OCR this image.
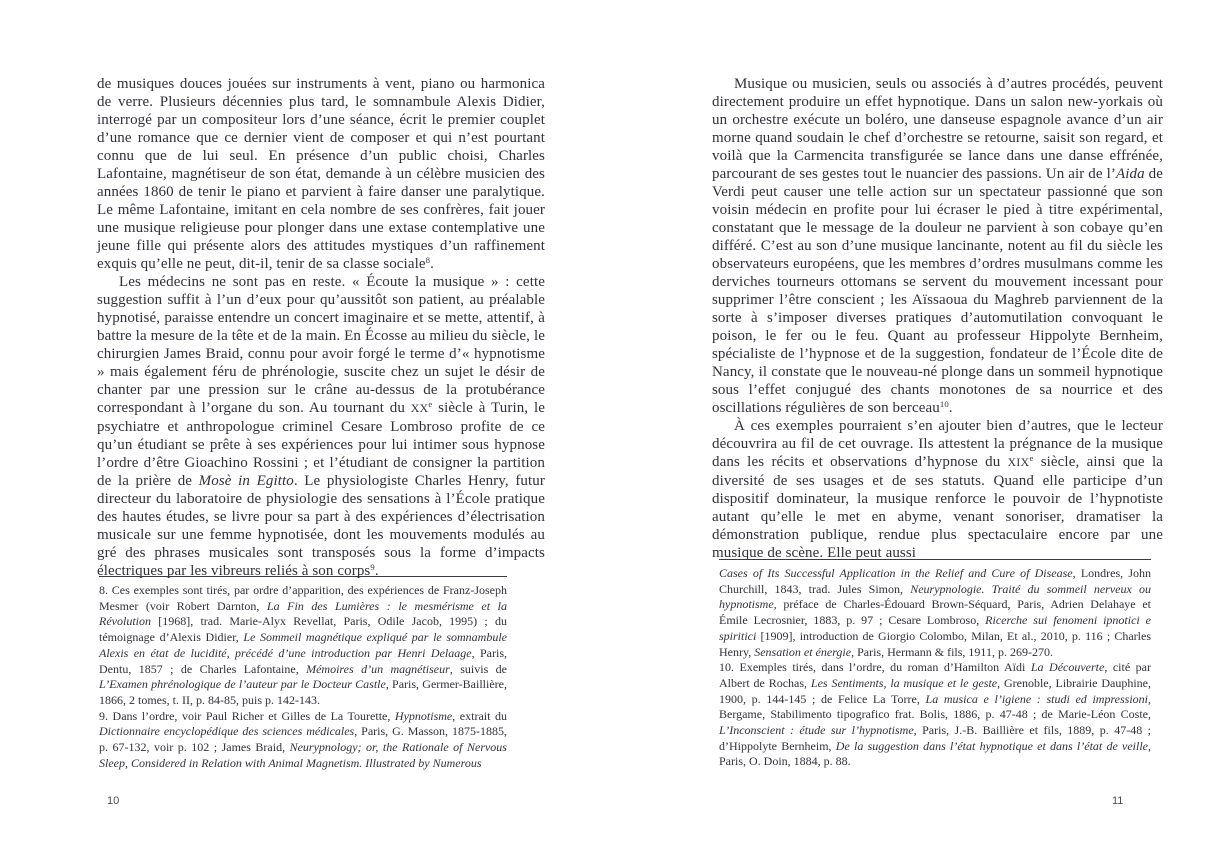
de musiques douces jouées sur instruments à vent, piano ou harmonica de verre. Plusieurs décennies plus tard, le somnambule Alexis Didier, interrogé par un compositeur lors d’une séance, écrit le premier couplet d’une romance que ce dernier vient de composer et qui n’est pourtant connu que de lui seul. En présence d’un public choisi, Charles Lafontaine, magnétiseur de son état, demande à un célèbre musicien des années 1860 de tenir le piano et parvient à faire danser une paralytique. Le même Lafontaine, imitant en cela nombre de ses confrères, fait jouer une musique religieuse pour plonger dans une extase contemplative une jeune fille qui présente alors des attitudes mystiques d’un raffinement exquis qu’elle ne peut, dit-il, tenir de sa classe sociale$^8$.

Les médecins ne sont pas en reste. « Écoute la musique » : cette suggestion suffit à l’un d’eux pour qu’aussitôt son patient, au préalable hypnotisé, paraisse entendre un concert imaginaire et se mette, attentif, à battre la mesure de la tête et de la main. En Écosse au milieu du siècle, le chirurgien James Braid, connu pour avoir forgé le terme d’« hypnotisme » mais également féru de phrénologie, suscite chez un sujet le désir de chanter par une pression sur le crâne au-dessus de la protubérance correspondant à l’organe du son. Au tournant du XXe siècle à Turin, le psychiatre et anthropologue criminel Cesare Lombroso profite de ce qu’un étudiant se prête à ses expériences pour lui intimer sous hypnose l’ordre d’être Gioachino Rossini ; et l’étudiant de consigner la partition de la prière de Mosè in Egitto. Le physiologiste Charles Henry, futur directeur du laboratoire de physiologie des sensations à l’École pratique des hautes études, se livre pour sa part à des expériences d’électrisation musicale sur une femme hypnotisée, dont les mouvements modulés au gré des phrases musicales sont transposés sous la forme d’impacts électriques par les vibreurs reliés à son corps$^9$.

8. Ces exemples sont tirés, par ordre d’apparition, des expériences de Franz-Joseph Mesmer (voir Robert Darnton, La Fin des Lumières : le mesmérisme et la Révolution [1968], trad. Marie-Alyx Revellat, Paris, Odile Jacob, 1995) ; du témoignage d’Alexis Didier, Le Sommeil magnétique expliqué par le somnambule Alexis en état de lucidité, précédé d’une introduction par Henri Delaage, Paris, Dentu, 1857 ; de Charles Lafontaine, Mémoires d’un magnétiseur, suivis de L’Examen phrénologique de l’auteur par le Docteur Castle, Paris, Germer-Baillière, 1866, 2 tomes, t. II, p. 84-85, puis p. 142-143.

9. Dans l’ordre, voir Paul Richer et Gilles de La Tourette, Hypnotisme, extrait du Dictionnaire encyclopédique des sciences médicales, Paris, G. Masson, 1875-1885, p. 67-132, voir p. 102 ; James Braid, Neurypnology; or, the Rationale of Nervous Sleep, Considered in Relation with Animal Magnetism. Illustrated by Numerous

10

Musique ou musicien, seuls ou associés à d’autres procédés, peuvent directement produire un effet hypnotique. Dans un salon new-yorkais où un orchestre exécute un boléro, une danseuse espagnole avance d’un air morne quand soudain le chef d’orchestre se retourne, saisit son regard, et voilà que la Carmencita transfigurée se lance dans une danse effrénée, parcourant de ses gestes tout le nuancier des passions. Un air de l’Aida de Verdi peut causer une telle action sur un spectateur passionné que son voisin médecin en profite pour lui écraser le pied à titre expérimental, constatant que le message de la douleur ne parvient à son cobaye qu’en différé. C’est au son d’une musique lancinante, notent au fil du siècle les observateurs européens, que les membres d’ordres musulmans comme les derviches tourneurs ottomans se servent du mouvement incessant pour supprimer l’être conscient ; les Aïssaoua du Maghreb parviennent de la sorte à s’imposer diverses pratiques d’automutilation convoquant le poison, le fer ou le feu. Quant au professeur Hippolyte Bernheim, spécialiste de l’hypnose et de la suggestion, fondateur de l’École dite de Nancy, il constate que le nouveau-né plonge dans un sommeil hypnotique sous l’effet conjugué des chants monotones de sa nourrice et des oscillations régulières de son berceau$^{10}$.

À ces exemples pourraient s’en ajouter bien d’autres, que le lecteur découvrira au fil de cet ouvrage. Ils attestent la prégnance de la musique dans les récits et observations d’hypnose du XIXe siècle, ainsi que la diversité de ses usages et de ses statuts. Quand elle participe d’un dispositif dominateur, la musique renforce le pouvoir de l’hypnotiste autant qu’elle le met en abyme, venant sonoriser, dramatiser la démonstration publique, rendue plus spectaculaire encore par une musique de scène. Elle peut aussi

Cases of Its Successful Application in the Relief and Cure of Disease, Londres, John Churchill, 1843, trad. Jules Simon, Neurypnologie. Traité du sommeil nerveux ou hypnotisme, préface de Charles-Édouard Brown-Séquard, Paris, Adrien Delahaye et Émile Lecrosnier, 1883, p. 97 ; Cesare Lombroso, Ricerche sui fenomeni ipnotici e spiritici [1909], introduction de Giorgio Colombo, Milan, Et al., 2010, p. 116 ; Charles Henry, Sensation et énergie, Paris, Hermann & fils, 1911, p. 269-270.

10. Exemples tirés, dans l’ordre, du roman d’Hamilton Aïdi La Découverte, cité par Albert de Rochas, Les Sentiments, la musique et le geste, Grenoble, Librairie Dauphine, 1900, p. 144-145 ; de Felice La Torre, La musica e l’igiene : studi ed impressioni, Bergame, Stabilimento tipografico frat. Bolis, 1886, p. 47-48 ; de Marie-Léon Coste, L’Inconscient : étude sur l’hypnotisme, Paris, J.-B. Baillière et fils, 1889, p. 47-48 ; d’Hippolyte Bernheim, De la suggestion dans l’état hypnotique et dans l’état de veille, Paris, O. Doin, 1884, p. 88.

11
